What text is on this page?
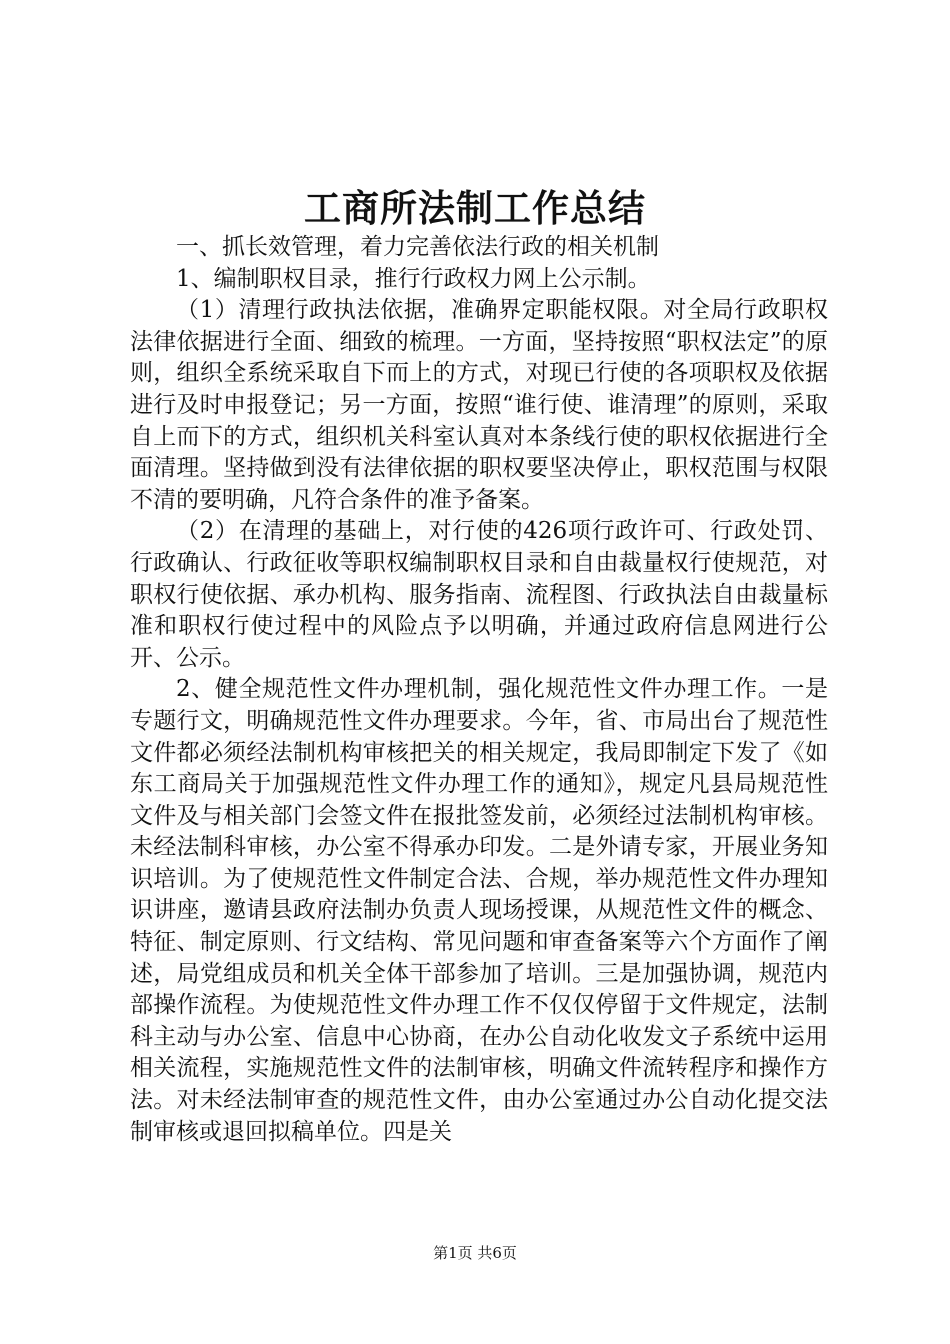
工商所法制工作总结

一、抓长效管理，着力完善依法行政的相关机制

1、编制职权目录，推行行政权力网上公示制。

（1）清理行政执法依据，准确界定职能权限。对全局行政职权法律依据进行全面、细致的梳理。一方面，坚持按照“职权法定”的原则，组织全系统采取自下而上的方式，对现已行使的各项职权及依据进行及时申报登记；另一方面，按照“谁行使、谁清理”的原则，采取自上而下的方式，组织机关科室认真对本条线行使的职权依据进行全面清理。坚持做到没有法律依据的职权要坚决停止，职权范围与权限不清的要明确，凡符合条件的准予备案。

（2）在清理的基础上，对行使的426项行政许可、行政处罚、行政确认、行政征收等职权编制职权目录和自由裁量权行使规范，对职权行使依据、承办机构、服务指南、流程图、行政执法自由裁量标准和职权行使过程中的风险点予以明确，并通过政府信息网进行公开、公示。

2、健全规范性文件办理机制，强化规范性文件办理工作。一是专题行文，明确规范性文件办理要求。今年，省、市局出台了规范性文件都必须经法制机构审核把关的相关规定，我局即制定下发了《如东工商局关于加强规范性文件办理工作的通知》，规定凡县局规范性文件及与相关部门会签文件在报批签发前，必须经过法制机构审核。未经法制科审核，办公室不得承办印发。二是外请专家，开展业务知识培训。为了使规范性文件制定合法、合规，举办规范性文件办理知识讲座，邀请县政府法制办负责人现场授课，从规范性文件的概念、特征、制定原则、行文结构、常见问题和审查备案等六个方面作了阐述，局党组成员和机关全体干部参加了培训。三是加强协调，规范内部操作流程。为使规范性文件办理工作不仅仅停留于文件规定，法制科主动与办公室、信息中心协商，在办公自动化收发文子系统中运用相关流程，实施规范性文件的法制审核，明确文件流转程序和操作方法。对未经法制审查的规范性文件，由办公室通过办公自动化提交法制审核或退回拟稿单位。四是关

第1页 共6页
